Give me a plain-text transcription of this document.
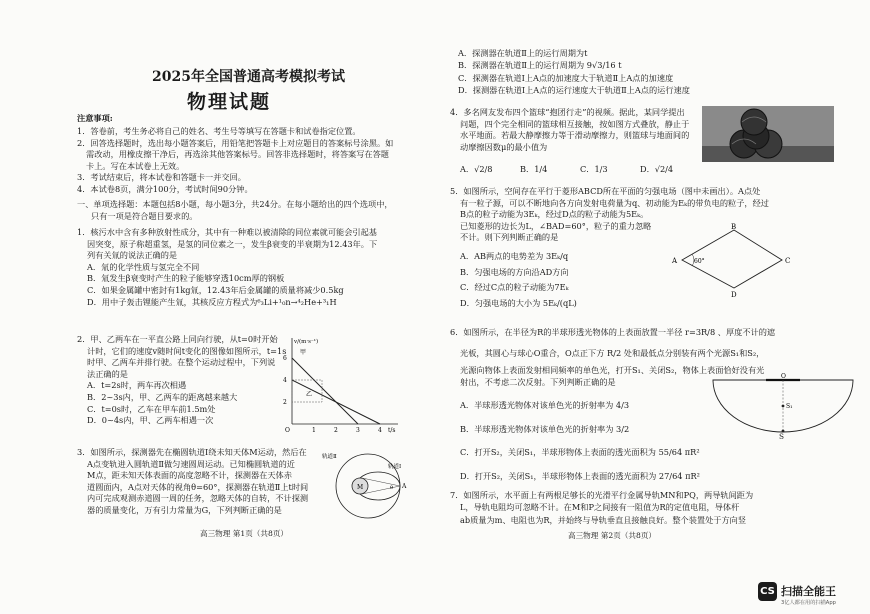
2025年全国普通高考模拟考试
物理试题
注意事项:
1．答卷前，考生务必将自己的姓名、考生号等填写在答题卡和试卷指定位置。
2．回答选择题时，选出每小题答案后，用铅笔把答题卡上对应题目的答案标号涂黑。如
需改动，用橡皮擦干净后，再选涂其他答案标号。回答非选择题时，将答案写在答题
卡上。写在本试卷上无效。
3．考试结束后，将本试卷和答题卡一并交回。
4．本试卷8页，满分100分，考试时间90分钟。
一、单项选择题：本题包括8小题，每小题3分，共24分。在每小题给出的四个选项中，
只有一项是符合题目要求的。
1．核污水中含有多种放射性成分，其中有一种难以被清除的同位素就可能会引起基
因突变，原子称超重氢，是氢的同位素之一，发生β衰变的半衰期为12.43年。下
列有关氚的说法正确的是
A．氚的化学性质与氢完全不同
B．氚发生β衰变时产生的粒子能够穿透10cm厚的钢板
C．如果金属罐中密封有1kg氚，12.43年后金属罐的质量将减少0.5kg
D．用中子轰击锂能产生氚，其核反应方程式为⁶₃Li+¹₀n→⁴₂He+³₁H
2．甲、乙两车在一平直公路上同向行驶，从t=0时开始
计时，它们的速度v随时间t变化的图像如图所示，t=1s
时甲、乙两车并排行驶。在整个运动过程中，下列说
法正确的是
A．t=2s时，两车再次相遇
B．2~3s内，甲、乙两车的距离越来越大
C．t=0s时，乙车在甲车前1.5m处
D．0~4s内，甲、乙两车相遇一次
v/(m·s⁻¹)
t/s
6
4
2
O	1	2	3	4
甲
乙
3．如图所示，探测器先在椭圆轨道Ⅰ绕未知天体M运动，然后在
A点变轨进入圆轨道Ⅱ做匀速圆周运动。已知椭圆轨道的近
M点，距未知天体表面的高度忽略不计，探测器在天体赤
道圆面内，A点对天体的视角θ=60°，探测器在轨道Ⅱ上t时间
内可完成观测赤道圆一周的任务，忽略天体的自转，不计探测
器的质量变化，万有引力常量为G，下列判断正确的是
M	A
θ
轨道Ⅱ
轨道Ⅰ
高三物理 第1页（共8页）
A．探测器在轨道Ⅱ上的运行周期为t
B．探测器在轨道Ⅱ上的运行周期为 9√3/16 t
C．探测器在轨道Ⅰ上A点的加速度大于轨道Ⅱ上A点的加速度
D．探测器在轨道Ⅰ上A点的运行速度大于轨道Ⅱ上A点的运行速度
4．多名网友发布四个篮球“抱团行走”的视频。据此，某同学提出
问题，四个完全相同的篮球相互接触，按如图方式叠放，静止于
水平地面。若最大静摩擦力等于滑动摩擦力，则篮球与地面间的
动摩擦因数μ的最小值为
A．√2/8	B．1/4	C．1/3	D．√2/4
5．如图所示，空间存在平行于菱形ABCD所在平面的匀强电场（图中未画出）。A点处
有一粒子源，可以不断地向各方向发射电荷量为q、初动能为Eₖ的带负电的粒子，经过
B点的粒子动能为3Eₖ，经过D点的粒子动能为5Eₖ。
已知菱形的边长为L，∠BAD=60°，粒子的重力忽略
不计。则下列判断正确的是
A．AB两点的电势差为 3Eₖ/q
B．匀强电场的方向沿AD方向
C．经过C点的粒子动能为7Eₖ
D．匀强电场的大小为 5Eₖ/(qL)
A
B
C
D
60°
6．如图所示，在半径为R的半球形透光物体的上表面放置一半径 r=3R/8 、厚度不计的遮
光板，其圆心与球心O重合，O点正下方 R/2 处和最低点分别装有两个光源S₁和S₂，
光源向物体上表面发射相同频率的单色光，打开S₁、关闭S₂，物体上表面恰好没有光
射出，不考虑二次反射。下列判断正确的是
A．半球形透光物体对该单色光的折射率为 4/3
B．半球形透光物体对该单色光的折射率为 3/2
C．打开S₂，关闭S₁，半球形物体上表面的透光面积为 55/64 πR²
D．打开S₂，关闭S₁，半球形物体上表面的透光面积为 27/64 πR²
O
S₁
S
7．如图所示，水平面上有两根足够长的光滑平行金属导轨MN和PQ，两导轨间距为
L，导轨电阻均可忽略不计。在M和P之间接有一阻值为R的定值电阻，导体杆
ab质量为m、电阻也为R，并始终与导轨垂直且接触良好。整个装置处于方向竖
高三物理 第2页（共8页）
CS 扫描全能王
3亿人都在用的扫描App
